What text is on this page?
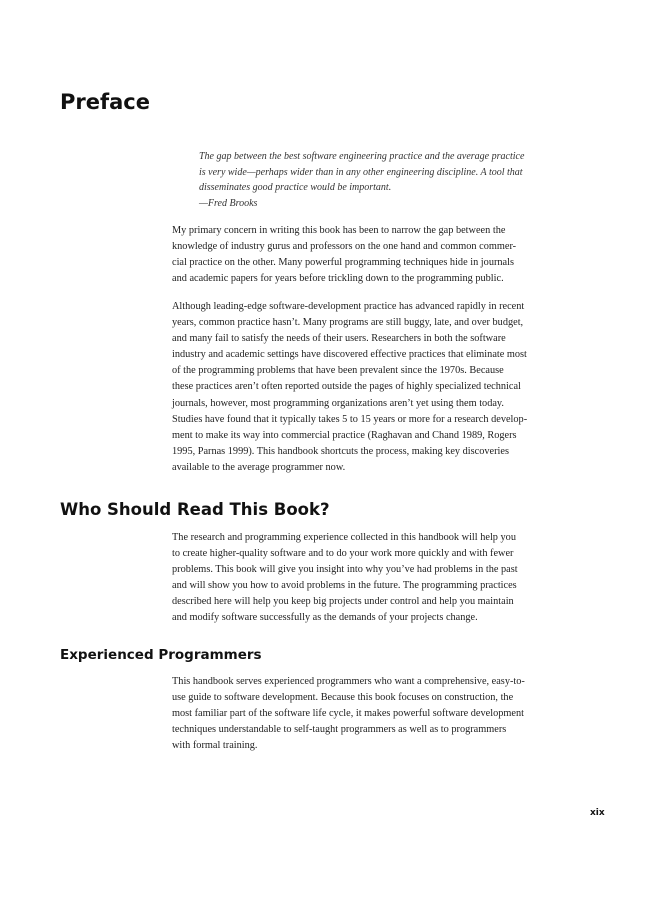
Preface
The gap between the best software engineering practice and the average practice
is very wide—perhaps wider than in any other engineering discipline. A tool that
disseminates good practice would be important.
—Fred Brooks
My primary concern in writing this book has been to narrow the gap between the
knowledge of industry gurus and professors on the one hand and common commer-
cial practice on the other. Many powerful programming techniques hide in journals
and academic papers for years before trickling down to the programming public.
Although leading-edge software-development practice has advanced rapidly in recent
years, common practice hasn’t. Many programs are still buggy, late, and over budget,
and many fail to satisfy the needs of their users. Researchers in both the software
industry and academic settings have discovered effective practices that eliminate most
of the programming problems that have been prevalent since the 1970s. Because
these practices aren’t often reported outside the pages of highly specialized technical
journals, however, most programming organizations aren’t yet using them today.
Studies have found that it typically takes 5 to 15 years or more for a research develop-
ment to make its way into commercial practice (Raghavan and Chand 1989, Rogers
1995, Parnas 1999). This handbook shortcuts the process, making key discoveries
available to the average programmer now.
Who Should Read This Book?
The research and programming experience collected in this handbook will help you
to create higher-quality software and to do your work more quickly and with fewer
problems. This book will give you insight into why you’ve had problems in the past
and will show you how to avoid problems in the future. The programming practices
described here will help you keep big projects under control and help you maintain
and modify software successfully as the demands of your projects change.
Experienced Programmers
This handbook serves experienced programmers who want a comprehensive, easy-to-
use guide to software development. Because this book focuses on construction, the
most familiar part of the software life cycle, it makes powerful software development
techniques understandable to self-taught programmers as well as to programmers
with formal training.
xix
